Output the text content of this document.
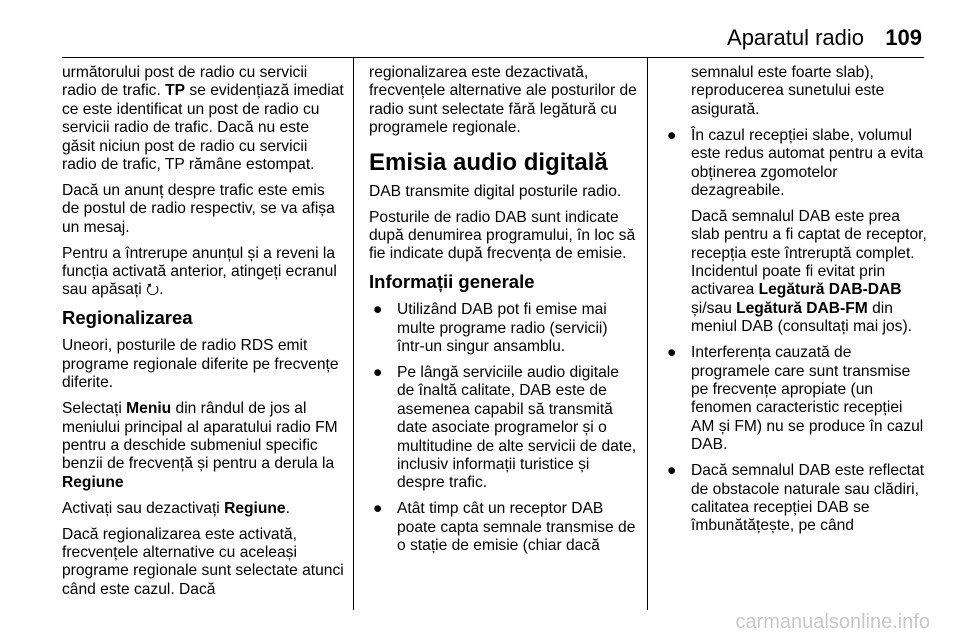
Aparatul radio 109

următorului post de radio cu servicii radio de trafic. TP se evidențiază imediat ce este identificat un post de radio cu servicii radio de trafic. Dacă nu este găsit niciun post de radio cu servicii radio de trafic, TP rămâne estompat.

Dacă un anunț despre trafic este emis de postul de radio respectiv, se va afișa un mesaj.

Pentru a întrerupe anunțul și a reveni la funcția activată anterior, atingeți ecranul sau apăsați ⭮.

Regionalizarea

Uneori, posturile de radio RDS emit programe regionale diferite pe frecvențe diferite.

Selectați Meniu din rândul de jos al meniului principal al aparatului radio FM pentru a deschide submeniul specific benzii de frecvență și pentru a derula la Regiune

Activați sau dezactivați Regiune.

Dacă regionalizarea este activată, frecvențele alternative cu aceleași programe regionale sunt selectate atunci când este cazul. Dacă

regionalizarea este dezactivată, frecvențele alternative ale posturilor de radio sunt selectate fără legătură cu programele regionale.

Emisia audio digitală

DAB transmite digital posturile radio.

Posturile de radio DAB sunt indicate după denumirea programului, în loc să fie indicate după frecvența de emisie.

Informații generale
● Utilizând DAB pot fi emise mai multe programe radio (servicii) într-un singur ansamblu.
● Pe lângă serviciile audio digitale de înaltă calitate, DAB este de asemenea capabil să transmită date asociate programelor și o multitudine de alte servicii de date, inclusiv informații turistice și despre trafic.
● Atât timp cât un receptor DAB poate capta semnale transmise de o stație de emisie (chiar dacă

semnalul este foarte slab), reproducerea sunetului este asigurată.

● În cazul recepției slabe, volumul este redus automat pentru a evita obținerea zgomotelor dezagreabile.

Dacă semnalul DAB este prea slab pentru a fi captat de receptor, recepția este întreruptă complet. Incidentul poate fi evitat prin activarea Legătură DAB-DAB și/sau Legătură DAB-FM din meniul DAB (consultați mai jos).

● Interferența cauzată de programele care sunt transmise pe frecvențe apropiate (un fenomen caracteristic recepției AM și FM) nu se produce în cazul DAB.
● Dacă semnalul DAB este reflectat de obstacole naturale sau clădiri, calitatea recepției DAB se îmbunătățește, pe când
carmanualsonline.info
